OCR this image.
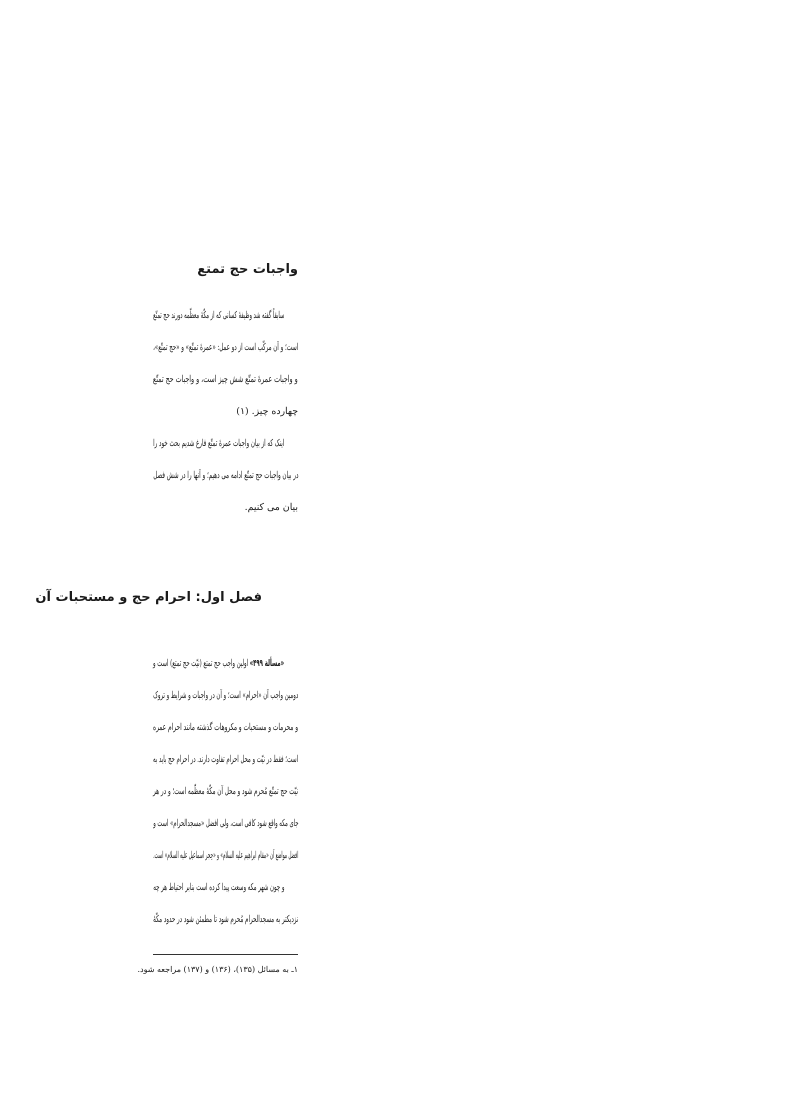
واجبات حج تمتع
سابقاً گفته شد وظیفهٔ کسانی که از مکّهٔ معظّمه دورند حج تمتّع
است؛ و آن مرکّب است از دو عمل: «عمرهٔ تمتّع» و «حج تمتّع»،
و واجبات عمرهٔ تمتّع شش چیز است، و واجبات حج تمتّع
چهارده چیز. (۱)
اینک که از بیان واجبات عمرهٔ تمتّع فارغ شدیم بحث خود را
در بیان واجبات حج تمتّع ادامه می دهیم؛ و آنها را در شش فصل
بیان می کنیم.
فصل اول: احرام حج و مستحبات آن
«مسألة ۴۹۹» اولین واجب حج تمتع (نیّت حج تمتع) است و
دومین واجب آن «احرام» است؛ و آن در واجبات و شرایط و تروک
و محرمات و مستحبات و مکروهات گذشته مانند احرام عمره
است؛ فقط در نیّت و محل احرام تفاوت دارند. در احرام حج باید به
نیّت حج تمتّع مُحرم شود و محل آن مکّهٔ معظّمه است؛ و در هر
جای مکه واقع شود کافی است، ولی افضل «مسجدالحرام» است و
افضل مواضع آن «مقام ابراهیم علیه السلام» و «حِجر اسماعیل علیه السلام» است.
و چون شهر مکه وسعت پیدا کرده است بنابر احتیاط هر چه
نزدیکتر به مسجدالحرام مُحرم شود تا مطمئن شود در حدود مکّهٔ
۱ـ به مسائل (۱۳۵)، (۱۳۶) و (۱۳۷) مراجعه شود.
